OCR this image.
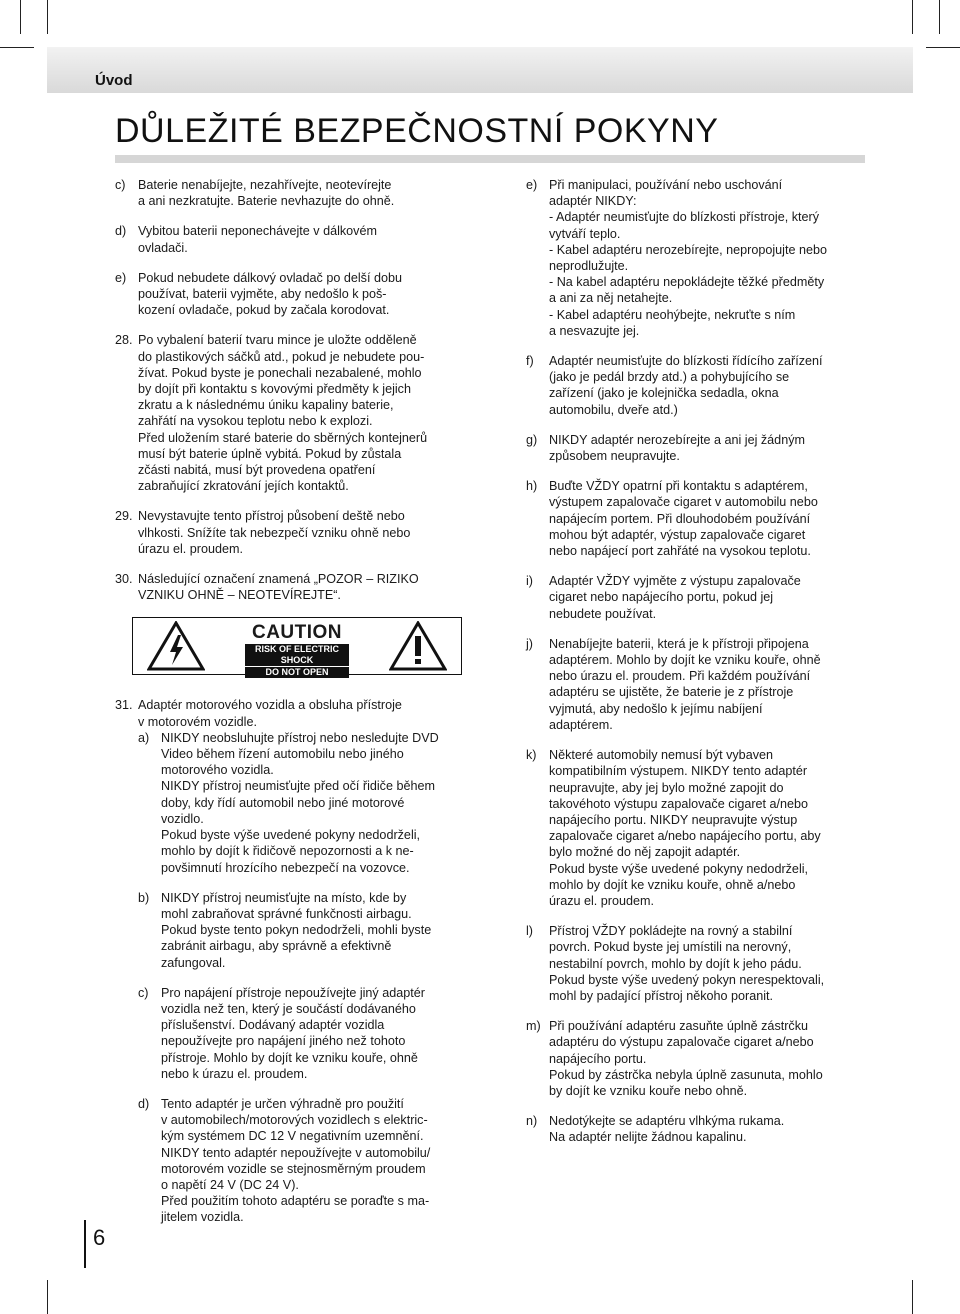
Úvod
DŮLEŽITÉ BEZPEČNOSTNÍ POKYNY
c) Baterie nenabíjejte, nezahřívejte, neotevírejte
a ani nezkratujte. Baterie nevhazujte do ohně.
d) Vybitou baterii neponechávejte v dálkovém
ovladači.
e) Pokud nebudete dálkový ovladač po delší dobu
používat, baterii vyjměte, aby nedošlo k poš-
kození ovladače, pokud by začala korodovat.
28. Po vybalení baterií tvaru mince je uložte odděleně
do plastikových sáčků atd., pokud je nebudete pou-
žívat. Pokud byste je ponechali nezabalené, mohlo
by dojít při kontaktu s kovovými předměty k jejich
zkratu a k následnému úniku kapaliny baterie,
zahřátí na vysokou teplotu nebo k explozi.
Před uložením staré baterie do sběrných kontejnerů
musí být baterie úplně vybitá. Pokud by zůstala
zčásti nabitá, musí být provedena opatření
zabraňující zkratování jejích kontaktů.
29. Nevystavujte tento přístroj působení deště nebo
vlhkosti. Snížíte tak nebezpečí vzniku ohně nebo
úrazu el. proudem.
30. Následující označení znamená „POZOR – RIZIKO
VZNIKU OHNĚ – NEOTEVÍREJTE“.
CAUTION
RISK OF ELECTRIC SHOCK
DO NOT OPEN
31. Adaptér motorového vozidla a obsluha přístroje
v motorovém vozidle.
a) NIKDY neobsluhujte přístroj nebo nesledujte DVD
Video během řízení automobilu nebo jiného
motorového vozidla.
NIKDY přístroj neumisťujte před očí řidiče během
doby, kdy řídí automobil nebo jiné motorové
vozidlo.
Pokud byste výše uvedené pokyny nedodrželi,
mohlo by dojít k řidičově nepozornosti a k ne-
povšimnutí hrozícího nebezpečí na vozovce.
b) NIKDY přístroj neumisťujte na místo, kde by
mohl zabraňovat správné funkčnosti airbagu.
Pokud byste tento pokyn nedodrželi, mohli byste
zabránit airbagu, aby správně a efektivně
zafungoval.
c) Pro napájení přístroje nepoužívejte jiný adaptér
vozidla než ten, který je součástí dodávaného
příslušenství. Dodávaný adaptér vozidla
nepoužívejte pro napájení jiného než tohoto
přístroje. Mohlo by dojít ke vzniku kouře, ohně
nebo k úrazu el. proudem.
d) Tento adaptér je určen výhradně pro použití
v automobilech/motorových vozidlech s elektric-
kým systémem DC 12 V negativním uzemnění.
NIKDY tento adaptér nepoužívejte v automobilu/
motorovém vozidle se stejnosměrným proudem
o napětí 24 V (DC 24 V).
Před použitím tohoto adaptéru se poraďte s ma-
jitelem vozidla.
e) Při manipulaci, používání nebo uschování
adaptér NIKDY:
- Adaptér neumisťujte do blízkosti přístroje, který
vytváří teplo.
- Kabel adaptéru nerozebírejte, nepropojujte nebo
neprodlužujte.
- Na kabel adaptéru nepokládejte těžké předměty
a ani za něj netahejte.
- Kabel adaptéru neohýbejte, nekruťte s ním
a nesvazujte jej.
f) Adaptér neumisťujte do blízkosti řídícího zařízení
(jako je pedál brzdy atd.) a pohybujícího se
zařízení (jako je kolejnička sedadla, okna
automobilu, dveře atd.)
g) NIKDY adaptér nerozebírejte a ani jej žádným
způsobem neupravujte.
h) Buďte VŽDY opatrní při kontaktu s adaptérem,
výstupem zapalovače cigaret v automobilu nebo
napájecím portem. Při dlouhodobém používání
mohou být adaptér, výstup zapalovače cigaret
nebo napájecí port zahřáté na vysokou teplotu.
i) Adaptér VŽDY vyjměte z výstupu zapalovače
cigaret nebo napájecího portu, pokud jej
nebudete používat.
j) Nenabíjejte baterii, která je k přístroji připojena
adaptérem. Mohlo by dojít ke vzniku kouře, ohně
nebo úrazu el. proudem. Při každém používání
adaptéru se ujistěte, že baterie je z přístroje
vyjmutá, aby nedošlo k jejímu nabíjení
adaptérem.
k) Některé automobily nemusí být vybaven
kompatibilním výstupem. NIKDY tento adaptér
neupravujte, aby jej bylo možné zapojit do
takovéhoto výstupu zapalovače cigaret a/nebo
napájecího portu. NIKDY neupravujte výstup
zapalovače cigaret a/nebo napájecího portu, aby
bylo možné do něj zapojit adaptér.
Pokud byste výše uvedené pokyny nedodrželi,
mohlo by dojít ke vzniku kouře, ohně a/nebo
úrazu el. proudem.
l) Přístroj VŽDY pokládejte na rovný a stabilní
povrch. Pokud byste jej umístili na nerovný,
nestabilní povrch, mohlo by dojít k jeho pádu.
Pokud byste výše uvedený pokyn nerespektovali,
mohl by padající přístroj někoho poranit.
m) Při používání adaptéru zasuňte úplně zástrčku
adaptéru do výstupu zapalovače cigaret a/nebo
napájecího portu.
Pokud by zástrčka nebyla úplně zasunuta, mohlo
by dojít ke vzniku kouře nebo ohně.
n) Nedotýkejte se adaptéru vlhkýma rukama.
Na adaptér nelijte žádnou kapalinu.
6
